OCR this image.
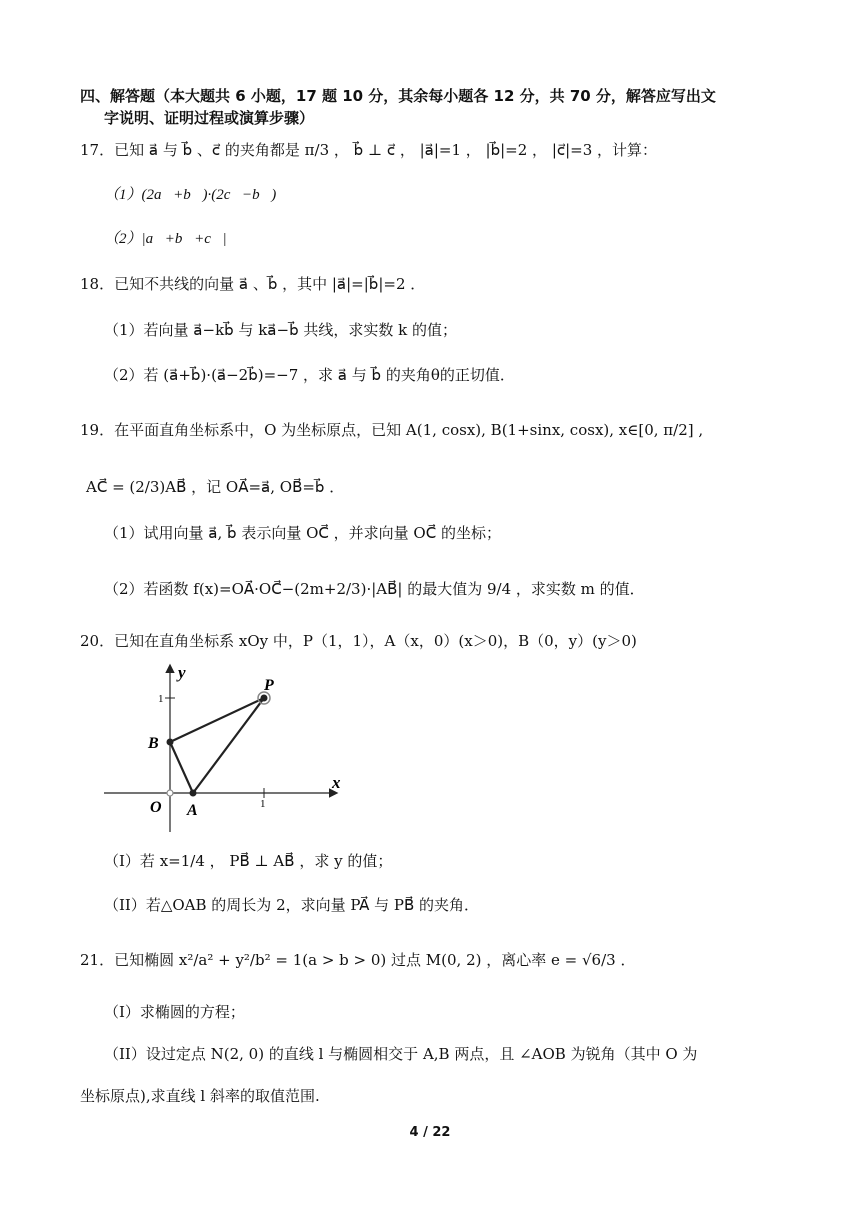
四、解答题（本大题共 6 小题，17 题 10 分，其余每小题各 12 分，共 70 分，解答应写出文
字说明、证明过程或演算步骤）
17．已知 a⃗ 与 b⃗ 、c⃗ 的夹角都是 π/3 ， b⃗ ⊥ c⃗ ， |a⃗|=1 ， |b⃗|=2 ， |c⃗|=3 ，计算：
（1）(2a⃗+b⃗)·(2c⃗−b⃗)
（2）|a⃗+b⃗+c⃗| ．
18．已知不共线的向量 a⃗ 、b⃗ ，其中 |a⃗|=|b⃗|=2 ．
（1）若向量 a⃗−kb⃗ 与 ka⃗−b⃗ 共线，求实数 k 的值；
（2）若 (a⃗+b⃗)·(a⃗−2b⃗)=−7 ，求 a⃗ 与 b⃗ 的夹角θ的正切值．
19．在平面直角坐标系中，O 为坐标原点，已知 A(1, cosx), B(1+sinx, cosx), x∈[0, π/2] ,
AC⃗ = (2/3)AB⃗ ，记 OA⃗=a⃗, OB⃗=b⃗ ．
（1）试用向量 a⃗, b⃗ 表示向量 OC⃗ ，并求向量 OC⃗ 的坐标；
（2）若函数 f(x)=OA⃗·OC⃗−(2m+2/3)·|AB⃗| 的最大值为 9/4 ，求实数 m 的值．
20．已知在直角坐标系 xOy 中，P（1，1），A（x，0）(x＞0)，B（0，y）(y＞0)
y
x
O
P
B
A	1
1
（I）若 x=1/4 ， PB⃗ ⊥ AB⃗ ，求 y 的值；
（II）若△OAB 的周长为 2，求向量 PA⃗ 与 PB⃗ 的夹角．
21．已知椭圆 x²/a² + y²/b² = 1(a > b > 0) 过点 M(0, 2) ，离心率 e = √6/3 ．
（I）求椭圆的方程；
（II）设过定点 N(2, 0) 的直线 l 与椭圆相交于 A,B 两点，且 ∠AOB 为锐角（其中 O 为
坐标原点),求直线 l 斜率的取值范围.
4 / 22
